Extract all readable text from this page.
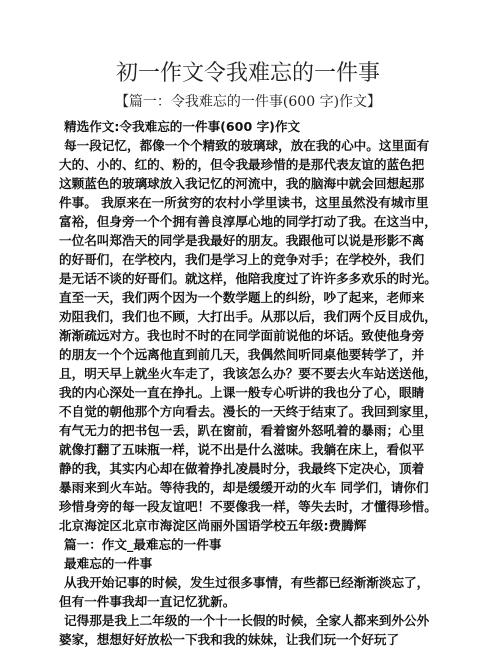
初一作文令我难忘的一件事
【篇一：令我难忘的一件事(600 字)作文】
精选作文:令我难忘的一件事(600 字)作文
每一段记忆，都像一个个精致的玻璃球，放在我的心中。这里面有
大的、小的、红的、粉的，但令我最珍惜的是那代表友谊的蓝色把
这颗蓝色的玻璃球放入我记忆的河流中，我的脑海中就会回想起那
件事。 我原来在一所贫穷的农村小学里读书，这里虽然没有城市里
富裕，但身旁一个个拥有善良淳厚心地的同学打动了我。在这当中，
一位名叫郑浩天的同学是我最好的朋友。我跟他可以说是形影不离
的好哥们，在学校内，我们是学习上的竞争对手；在学校外，我们
是无话不谈的好哥们。就这样，他陪我度过了许许多多欢乐的时光。
直至一天，我们两个因为一个数学题上的纠纷，吵了起来，老师来
劝阻我们，我们也不顾，大打出手。从那以后，我们两个反目成仇，
渐渐疏远对方。我也时不时的在同学面前说他的坏话。致使他身旁
的朋友一个个远离他直到前几天，我偶然间听同桌他要转学了，并
且，明天早上就坐火车走了，我该怎么办？要不要去火车站送送他，
我的内心深处一直在挣扎。上课一般专心听讲的我也分了心，眼睛
不自觉的朝他那个方向看去。漫长的一天终于结束了。我回到家里，
有气无力的把书包一丢，趴在窗前，看着窗外怒吼着的暴雨；心里
就像打翻了五味瓶一样，说不出是什么滋味。我躺在床上，看似平
静的我，其实内心却在做着挣扎凌晨时分，我最终下定决心，顶着
暴雨来到火车站。等待我的，却是缓缓开动的火车 同学们，请你们
珍惜身旁的每一段友谊吧！不要像我一样，等失去时，才懂得珍惜。
北京海淀区北京市海淀区尚丽外国语学校五年级:费腾辉
篇一：作文_最难忘的一件事
最难忘的一件事
从我开始记事的时候，发生过很多事情，有些都已经渐渐淡忘了，
但有一件事我却一直记忆犹新。
记得那是我上二年级的一个十一长假的时候，全家人都来到外公外
婆家，想想好好放松一下我和我的妹妹，让我们玩一个好玩了
